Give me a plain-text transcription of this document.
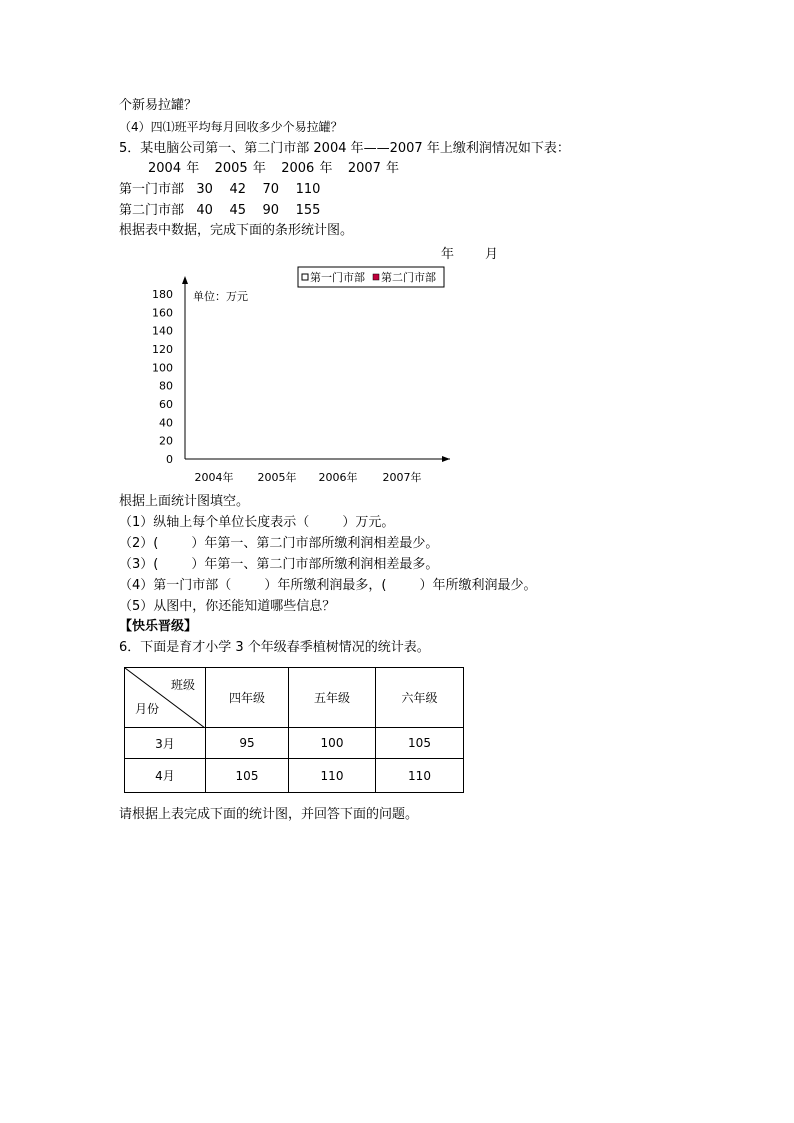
个新易拉罐？
（4）四⑴班平均每月回收多少个易拉罐？
5．某电脑公司第一、第二门市部 2004 年——2007 年上缴利润情况如下表：
2004 年   2005 年   2006 年   2007 年
第一门市部   30    42    70    110
第二门市部   40    45    90    155
根据表中数据，完成下面的条形统计图。
年 月
0
20
40
60
80
100
120
140
160
180
2004年 2005年 2006年 2007年
单位：万元
第一门市部 第二门市部
根据上面统计图填空。
（1）纵轴上每个单位长度表示（        ）万元。
（2）(        ）年第一、第二门市部所缴利润相差最少。
（3）(        ）年第一、第二门市部所缴利润相差最多。
（4）第一门市部（        ）年所缴利润最多，(        ）年所缴利润最少。
（5）从图中，你还能知道哪些信息？
【快乐晋级】
6．下面是育才小学 3 个年级春季植树情况的统计表。
班级
月份	四年级	五年级	六年级
3月	95	100	105
4月	105	110	110
请根据上表完成下面的统计图，并回答下面的问题。
